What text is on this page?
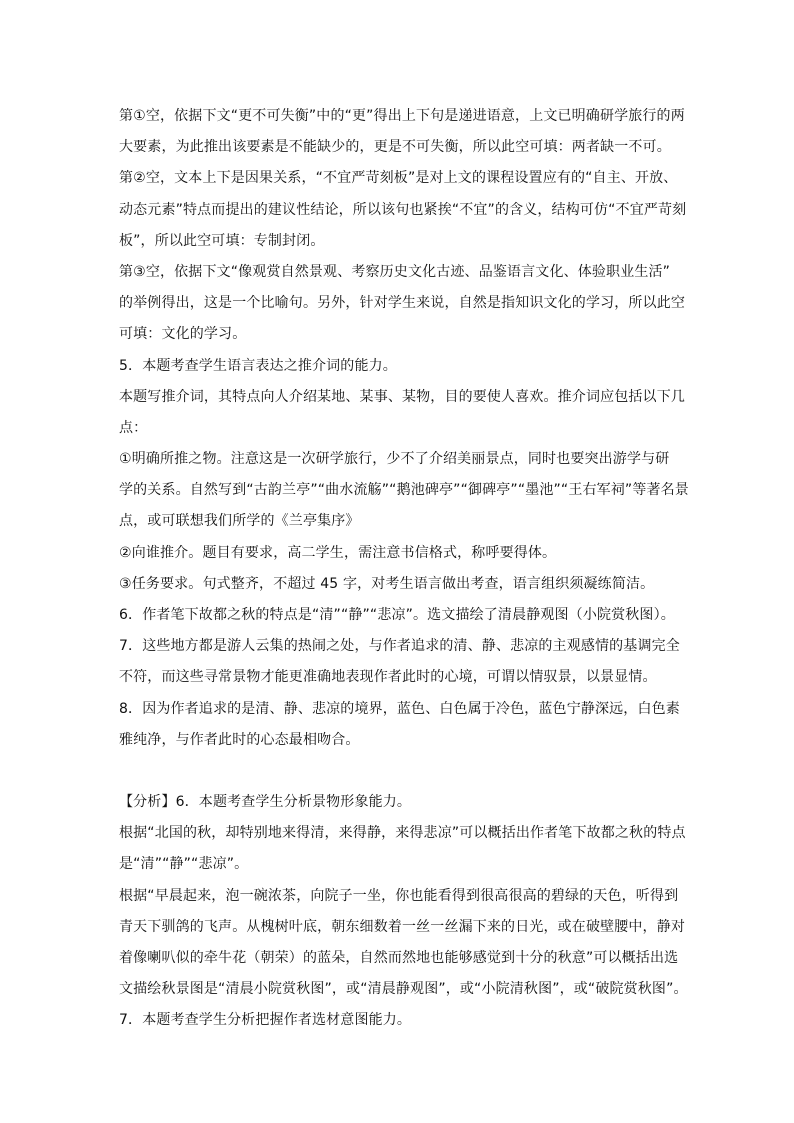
第①空，依据下文“更不可失衡”中的“更”得出上下句是递进语意，上文已明确研学旅行的两
大要素，为此推出该要素是不能缺少的，更是不可失衡，所以此空可填：两者缺一不可。
第②空，文本上下是因果关系，“不宜严苛刻板”是对上文的课程设置应有的“自主、开放、
动态元素”特点而提出的建议性结论，所以该句也紧挨“不宜”的含义，结构可仿“不宜严苛刻
板”，所以此空可填：专制封闭。
第③空，依据下文“像观赏自然景观、考察历史文化古迹、品鉴语言文化、体验职业生活”
的举例得出，这是一个比喻句。另外，针对学生来说，自然是指知识文化的学习，所以此空
可填：文化的学习。
5．本题考查学生语言表达之推介词的能力。
本题写推介词，其特点向人介绍某地、某事、某物，目的要使人喜欢。推介词应包括以下几
点：
①明确所推之物。注意这是一次研学旅行，少不了介绍美丽景点，同时也要突出游学与研
学的关系。自然写到“古韵兰亭”“曲水流觞”“鹅池碑亭”“御碑亭”“墨池”“王右军祠”等著名景
点，或可联想我们所学的《兰亭集序》
②向谁推介。题目有要求，高二学生，需注意书信格式，称呼要得体。
③任务要求。句式整齐，不超过 45 字，对考生语言做出考查，语言组织须凝练简洁。
6．作者笔下故都之秋的特点是“清”“静”“悲凉”。选文描绘了清晨静观图（小院赏秋图）。
7．这些地方都是游人云集的热闹之处，与作者追求的清、静、悲凉的主观感情的基调完全
不符，而这些寻常景物才能更准确地表现作者此时的心境，可谓以情驭景，以景显情。
8．因为作者追求的是清、静、悲凉的境界，蓝色、白色属于冷色，蓝色宁静深远，白色素
雅纯净，与作者此时的心态最相吻合。
【分析】6．本题考查学生分析景物形象能力。
根据“北国的秋，却特别地来得清，来得静，来得悲凉”可以概括出作者笔下故都之秋的特点
是“清”“静”“悲凉”。
根据“早晨起来，泡一碗浓茶，向院子一坐，你也能看得到很高很高的碧绿的天色，听得到
青天下驯鸽的飞声。从槐树叶底，朝东细数着一丝一丝漏下来的日光，或在破壁腰中，静对
着像喇叭似的牵牛花（朝荣）的蓝朵，自然而然地也能够感觉到十分的秋意”可以概括出选
文描绘秋景图是“清晨小院赏秋图”，或“清晨静观图”，或“小院清秋图”，或“破院赏秋图”。
7．本题考查学生分析把握作者选材意图能力。
